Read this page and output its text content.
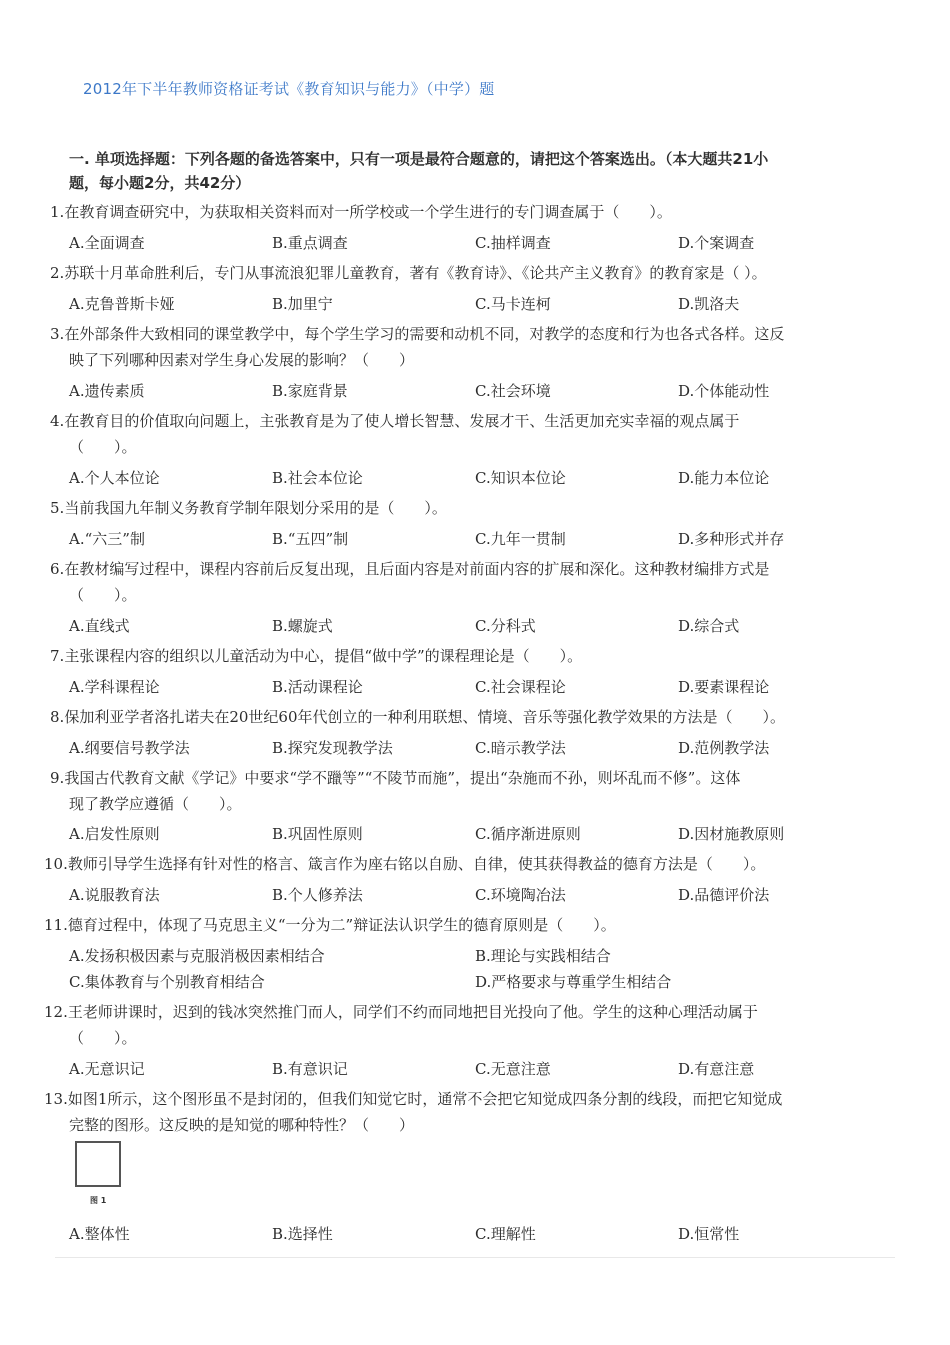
2012年下半年教师资格证考试《教育知识与能力》（中学）题
一. 单项选择题：下列各题的备选答案中，只有一项是最符合题意的，请把这个答案选出。（本大题共21小
题，每小题2分，共42分）
1.在教育调查研究中，为获取相关资料而对一所学校或一个学生进行的专门调查属于（　　）。
A.全面调查	B.重点调查	C.抽样调查	D.个案调查
2.苏联十月革命胜利后，专门从事流浪犯罪儿童教育，著有《教育诗》、《论共产主义教育》的教育家是（ ）。
A.克鲁普斯卡娅	B.加里宁	C.马卡连柯	D.凯洛夫
3.在外部条件大致相同的课堂教学中，每个学生学习的需要和动机不同，对教学的态度和行为也各式各样。这反
映了下列哪种因素对学生身心发展的影响？（　　）
A.遗传素质	B.家庭背景	C.社会环境	D.个体能动性
4.在教育目的价值取向问题上，主张教育是为了使人增长智慧、发展才干、生活更加充实幸福的观点属于
（　　）。
A.个人本位论	B.社会本位论	C.知识本位论	D.能力本位论
5.当前我国九年制义务教育学制年限划分采用的是（　　）。
A.“六三”制	B.“五四”制	C.九年一贯制	D.多种形式并存
6.在教材编写过程中，课程内容前后反复出现，且后面内容是对前面内容的扩展和深化。这种教材编排方式是
（　　）。
A.直线式	B.螺旋式	C.分科式	D.综合式
7.主张课程内容的组织以儿童活动为中心，提倡“做中学”的课程理论是（　　）。
A.学科课程论	B.活动课程论	C.社会课程论	D.要素课程论
8.保加利亚学者洛扎诺夫在20世纪60年代创立的一种利用联想、情境、音乐等强化教学效果的方法是（　　）。
A.纲要信号教学法	B.探究发现教学法	C.暗示教学法	D.范例教学法
9.我国古代教育文献《学记》中要求“学不躐等”“不陵节而施”，提出“杂施而不孙，则坏乱而不修”。这体
现了教学应遵循（　　）。
A.启发性原则	B.巩固性原则	C.循序渐进原则	D.因材施教原则
10.教师引导学生选择有针对性的格言、箴言作为座右铭以自励、自律，使其获得教益的德育方法是（　　）。
A.说服教育法	B.个人修养法	C.环境陶冶法	D.品德评价法
11.德育过程中，体现了马克思主义“一分为二”辩证法认识学生的德育原则是（　　）。
A.发扬积极因素与克服消极因素相结合	B.理论与实践相结合
C.集体教育与个别教育相结合	D.严格要求与尊重学生相结合
12.王老师讲课时，迟到的钱冰突然推门而人，同学们不约而同地把目光投向了他。学生的这种心理活动属于
（　　）。
A.无意识记	B.有意识记	C.无意注意	D.有意注意
13.如图1所示，这个图形虽不是封闭的，但我们知觉它时，通常不会把它知觉成四条分割的线段，而把它知觉成
完整的图形。这反映的是知觉的哪种特性？（　　）
图 1
A.整体性	B.选择性	C.理解性	D.恒常性
